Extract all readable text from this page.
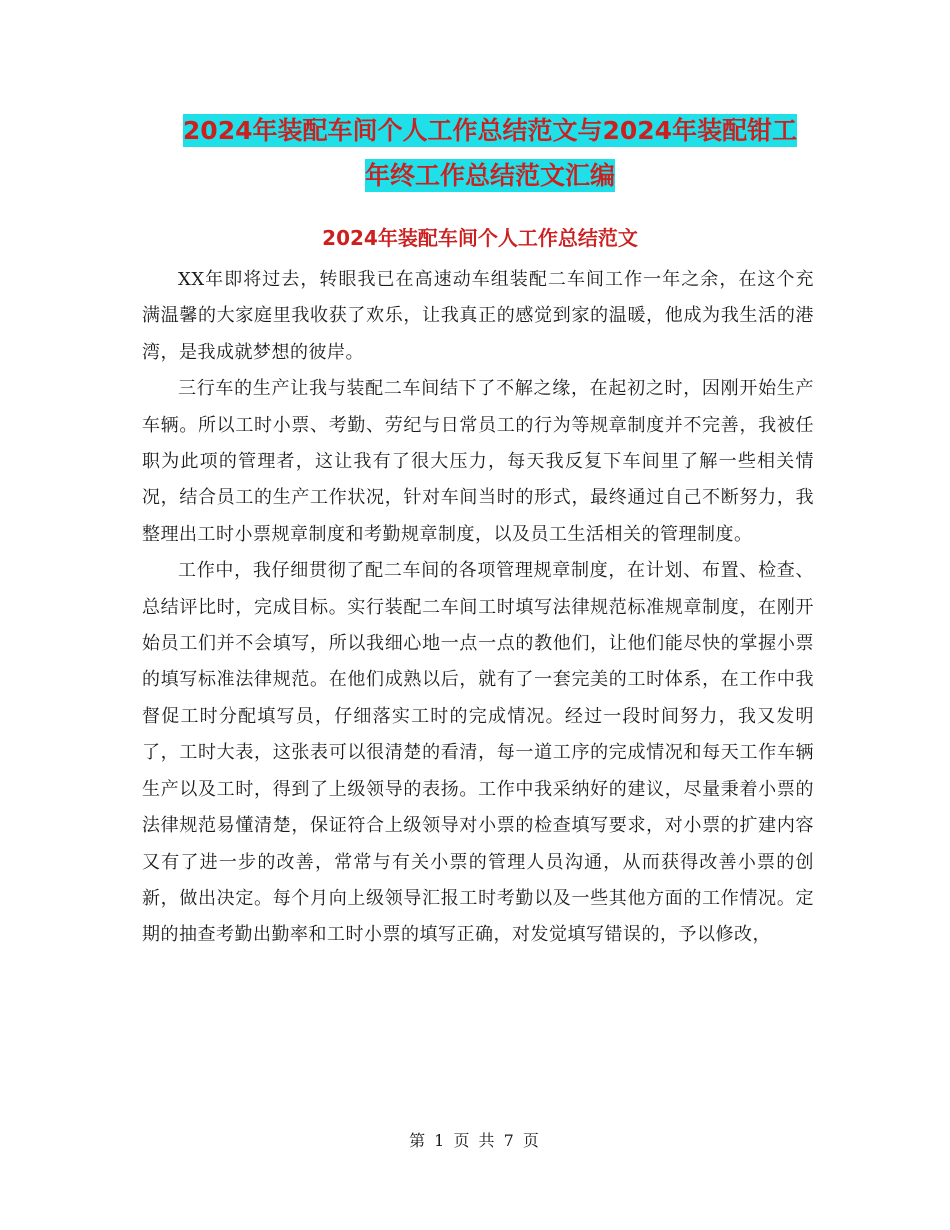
2024年装配车间个人工作总结范文与2024年装配钳工
年终工作总结范文汇编
2024年装配车间个人工作总结范文

XX年即将过去，转眼我已在高速动车组装配二车间工作一年之余，在这个充满温馨的大家庭里我收获了欢乐，让我真正的感觉到家的温暖，他成为我生活的港湾，是我成就梦想的彼岸。

三行车的生产让我与装配二车间结下了不解之缘，在起初之时，因刚开始生产车辆。所以工时小票、考勤、劳纪与日常员工的行为等规章制度并不完善，我被任职为此项的管理者，这让我有了很大压力，每天我反复下车间里了解一些相关情况，结合员工的生产工作状况，针对车间当时的形式，最终通过自己不断努力，我整理出工时小票规章制度和考勤规章制度，以及员工生活相关的管理制度。

工作中，我仔细贯彻了配二车间的各项管理规章制度，在计划、布置、检查、总结评比时，完成目标。实行装配二车间工时填写法律规范标准规章制度，在刚开始员工们并不会填写，所以我细心地一点一点的教他们，让他们能尽快的掌握小票的填写标准法律规范。在他们成熟以后，就有了一套完美的工时体系，在工作中我督促工时分配填写员，仔细落实工时的完成情况。经过一段时间努力，我又发明了，工时大表，这张表可以很清楚的看清，每一道工序的完成情况和每天工作车辆生产以及工时，得到了上级领导的表扬。工作中我采纳好的建议，尽量秉着小票的法律规范易懂清楚，保证符合上级领导对小票的检查填写要求，对小票的扩建内容又有了进一步的改善，常常与有关小票的管理人员沟通，从而获得改善小票的创新，做出决定。每个月向上级领导汇报工时考勤以及一些其他方面的工作情况。定期的抽查考勤出勤率和工时小票的填写正确，对发觉填写错误的，予以修改，

第 1 页 共 7 页
